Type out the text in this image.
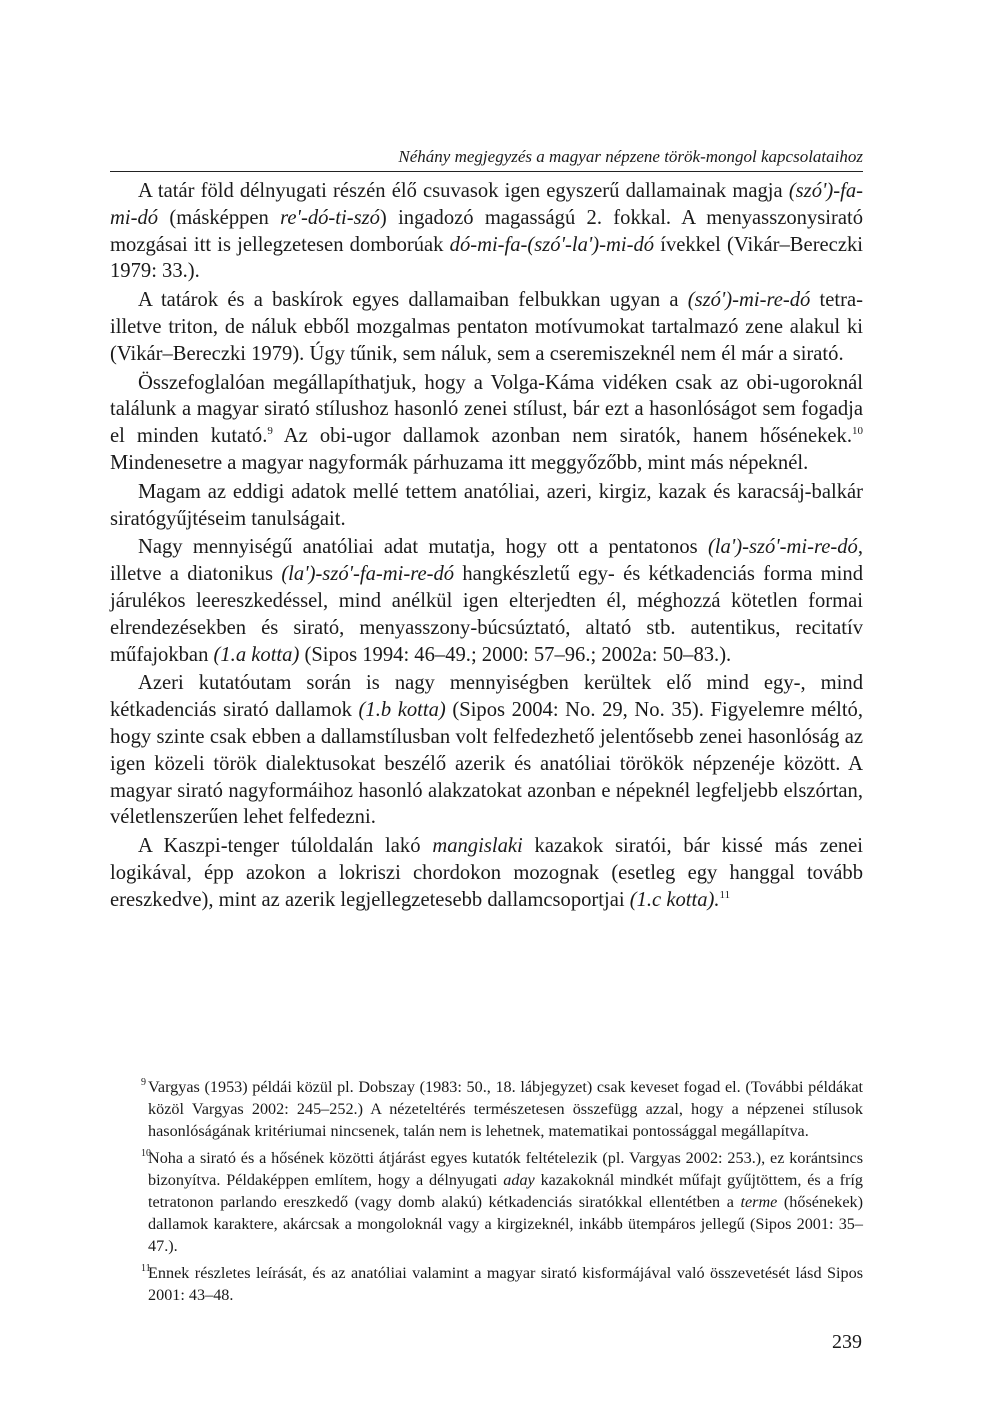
Néhány megjegyzés a magyar népzene török-mongol kapcsolataihoz

A tatár föld délnyugati részén élő csuvasok igen egyszerű dallamainak magja (szó')-fa-mi-dó (másképpen re'-dó-ti-szó) ingadozó magasságú 2. fokkal. A menyasszonysirató mozgásai itt is jellegzetesen domborúak dó-mi-fa-(szó'-la')-mi-dó ívekkel (Vikár–Bereczki 1979: 33.).

A tatárok és a baskírok egyes dallamaiban felbukkan ugyan a (szó')-mi-re-dó tetra- illetve triton, de náluk ebből mozgalmas pentaton motívumokat tartalmazó zene alakul ki (Vikár–Bereczki 1979). Úgy tűnik, sem náluk, sem a cseremiszeknél nem él már a sirató.

Összefoglalóan megállapíthatjuk, hogy a Volga-Káma vidéken csak az obi-ugoroknál találunk a magyar sirató stílushoz hasonló zenei stílust, bár ezt a hasonlóságot sem fogadja el minden kutató.$^9$ Az obi-ugor dallamok azonban nem siratók, hanem hősénekek.$^{10}$ Mindenesetre a magyar nagyformák párhuzama itt meggyőzőbb, mint más népeknél.

Magam az eddigi adatok mellé tettem anatóliai, azeri, kirgiz, kazak és karacsáj-balkár siratógyűjtéseim tanulságait.

Nagy mennyiségű anatóliai adat mutatja, hogy ott a pentatonos (la')-szó'-mi-re-dó, illetve a diatonikus (la')-szó'-fa-mi-re-dó hangkészletű egy- és kétkadenciás forma mind járulékos leereszkedéssel, mind anélkül igen elterjedten él, méghozzá kötetlen formai elrendezésekben és sirató, menyasszony-búcsúztató, altató stb. autentikus, recitatív műfajokban (1.a kotta) (Sipos 1994: 46–49.; 2000: 57–96.; 2002a: 50–83.).

Azeri kutatóutam során is nagy mennyiségben kerültek elő mind egy-, mind kétkadenciás sirató dallamok (1.b kotta) (Sipos 2004: No. 29, No. 35). Figyelemre méltó, hogy szinte csak ebben a dallamstílusban volt felfedezhető jelentősebb zenei hasonlóság az igen közeli török dialektusokat beszélő azerik és anatóliai törökök népzenéje között. A magyar sirató nagyformáihoz hasonló alakzatokat azonban e népeknél legfeljebb elszórtan, véletlenszerűen lehet felfedezni.

A Kaszpi-tenger túloldalán lakó mangislaki kazakok siratói, bár kissé más zenei logikával, épp azokon a lokriszi chordokon mozognak (esetleg egy hanggal tovább ereszkedve), mint az azerik legjellegzetesebb dallamcsoportjai (1.c kotta).$^{11}$

9 Vargyas (1953) példái közül pl. Dobszay (1983: 50., 18. lábjegyzet) csak keveset fogad el. (További példákat közöl Vargyas 2002: 245–252.) A nézeteltérés természetesen összefügg azzal, hogy a népzenei stílusok hasonlóságának kritériumai nincsenek, talán nem is lehetnek, matematikai pontossággal megállapítva.
10
Noha a sirató és a hősének közötti átjárást egyes kutatók feltételezik (pl. Vargyas 2002: 253.), ez korántsincs bizonyítva. Példaképpen említem, hogy a délnyugati aday kazakoknál mindkét műfajt gyűjtöttem, és a fríg tetratonon parlando ereszkedő (vagy domb alakú) kétkadenciás siratókkal ellentétben a terme (hősénekek) dallamok karaktere, akárcsak a mongoloknál vagy a kirgizeknél, inkább ütempáros jellegű (Sipos 2001: 35–47.).
11
Ennek részletes leírását, és az anatóliai valamint a magyar sirató kisformájával való összevetését lásd Sipos 2001: 43–48.
239
